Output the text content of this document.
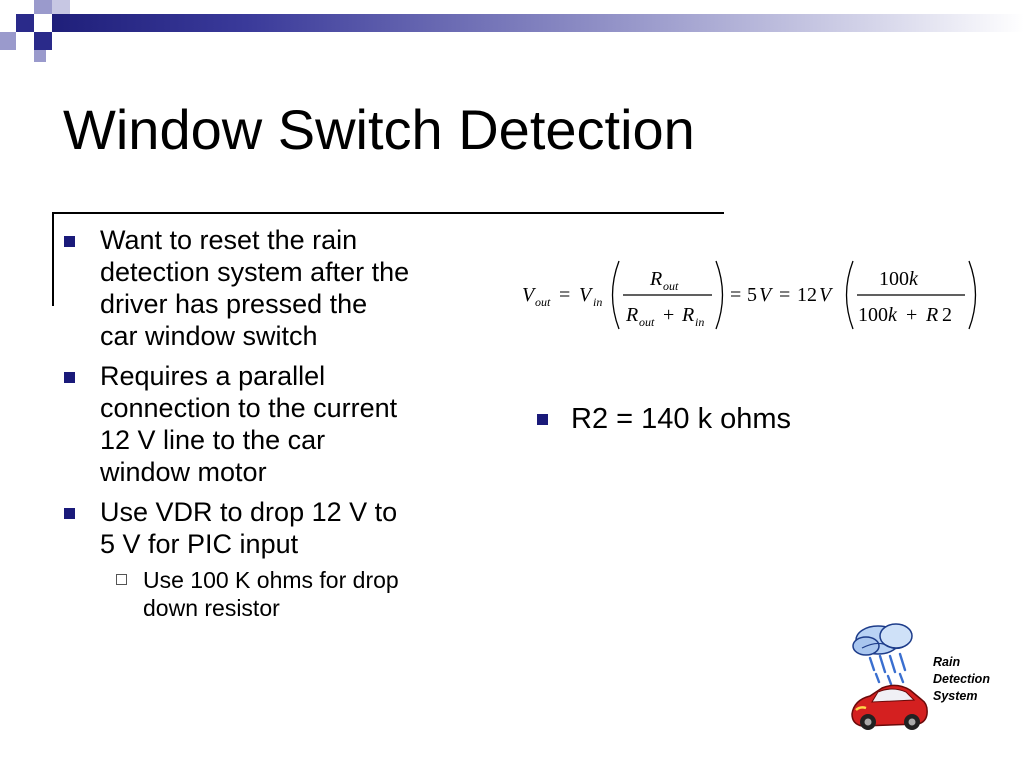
Window Switch Detection
Want to reset the rain
detection system after the
driver has pressed the
car window switch
Requires a parallel
connection to the current
12 V line to the car
window motor
Use VDR to drop 12 V to
5 V for PIC input
Use 100 K ohms for drop
down resistor
V out = V in
R out
R out + R in
= 5 V = 12 V
100 k
100 k + R 2
R2 = 140 k ohms
Rain
Detection
System
